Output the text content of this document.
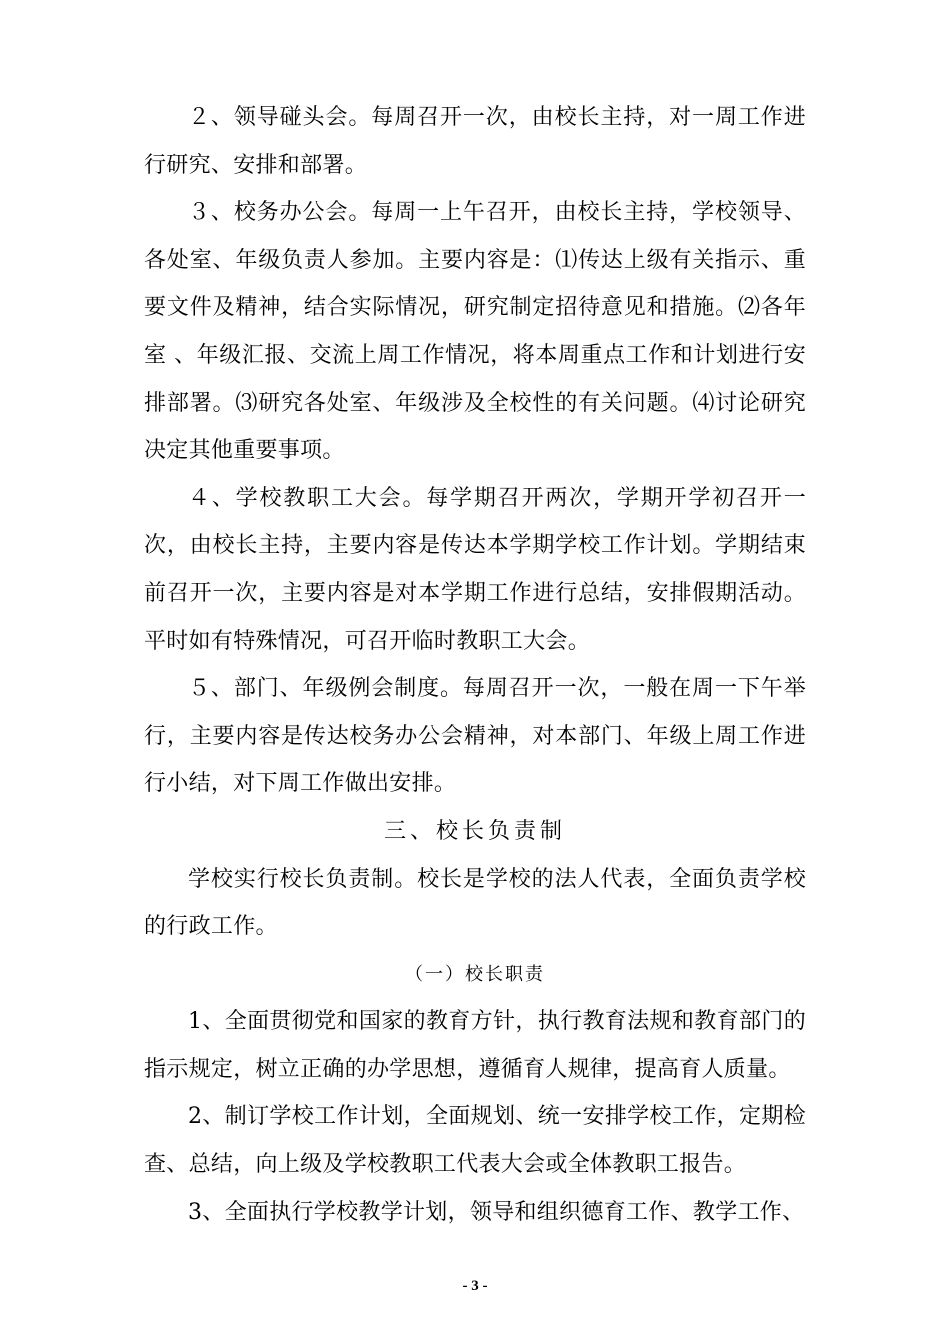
２、领导碰头会。每周召开一次，由校长主持，对一周工作进行研究、安排和部署。

３、校务办公会。每周一上午召开，由校长主持，学校领导、各处室、年级负责人参加。主要内容是：⑴传达上级有关指示、重要文件及精神，结合实际情况，研究制定招待意见和措施。⑵各年室 、年级汇报、交流上周工作情况，将本周重点工作和计划进行安排部署。⑶研究各处室、年级涉及全校性的有关问题。⑷讨论研究决定其他重要事项。

４、学校教职工大会。每学期召开两次，学期开学初召开一次，由校长主持，主要内容是传达本学期学校工作计划。学期结束前召开一次，主要内容是对本学期工作进行总结，安排假期活动。平时如有特殊情况，可召开临时教职工大会。

５、部门、年级例会制度。每周召开一次，一般在周一下午举行，主要内容是传达校务办公会精神，对本部门、年级上周工作进行小结，对下周工作做出安排。

三、校长负责制

学校实行校长负责制。校长是学校的法人代表，全面负责学校的行政工作。

（一）校长职责

1、全面贯彻党和国家的教育方针，执行教育法规和教育部门的指示规定，树立正确的办学思想，遵循育人规律，提高育人质量。

2、制订学校工作计划，全面规划、统一安排学校工作，定期检查、总结，向上级及学校教职工代表大会或全体教职工报告。

3、全面执行学校教学计划，领导和组织德育工作、教学工作、

- 3 -
